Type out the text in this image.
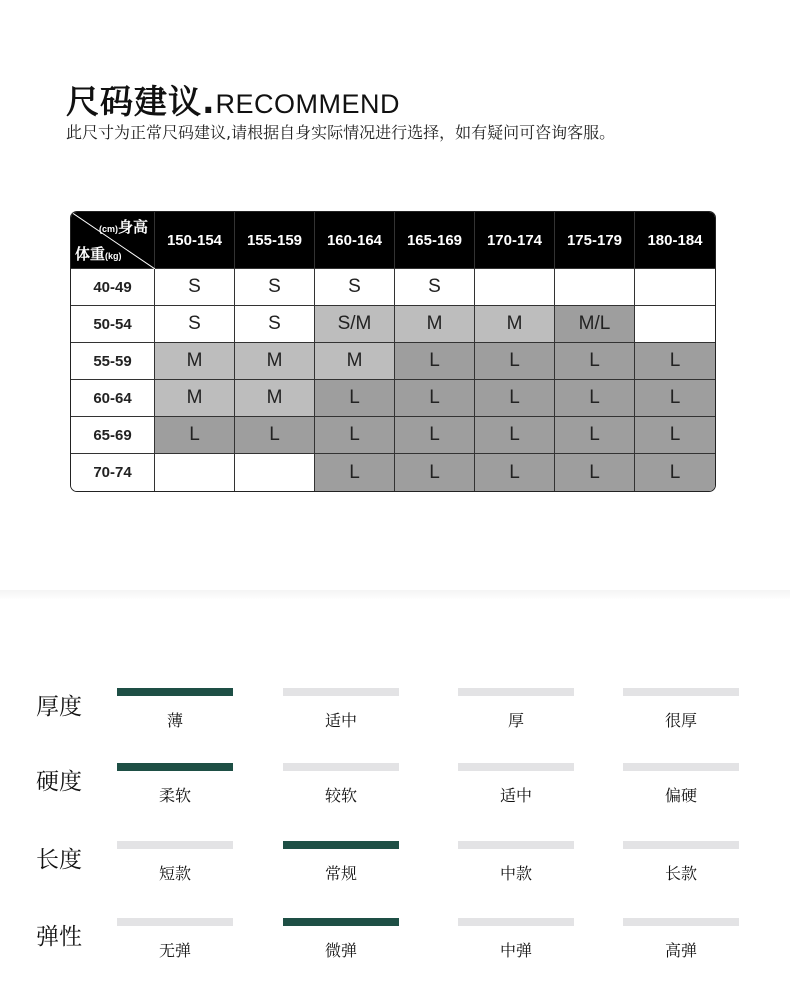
尺码建议.RECOMMEND
此尺寸为正常尺码建议,请根据自身实际情况进行选择，如有疑问可咨询客服。
(cm)身高
体重(kg)	150-154	155-159	160-164	165-169	170-174	175-179	180-184
40-49	S	S	S	S			
50-54	S	S	S/M	M	M	M/L	
55-59	M	M	M	L	L	L	L
60-64	M	M	L	L	L	L	L
65-69	L	L	L	L	L	L	L
70-74			L	L	L	L	L
厚度
薄	适中	厚	很厚
硬度
柔软	较软	适中	偏硬
长度
短款	常规	中款	长款
弹性
无弹	微弹	中弹	高弹
